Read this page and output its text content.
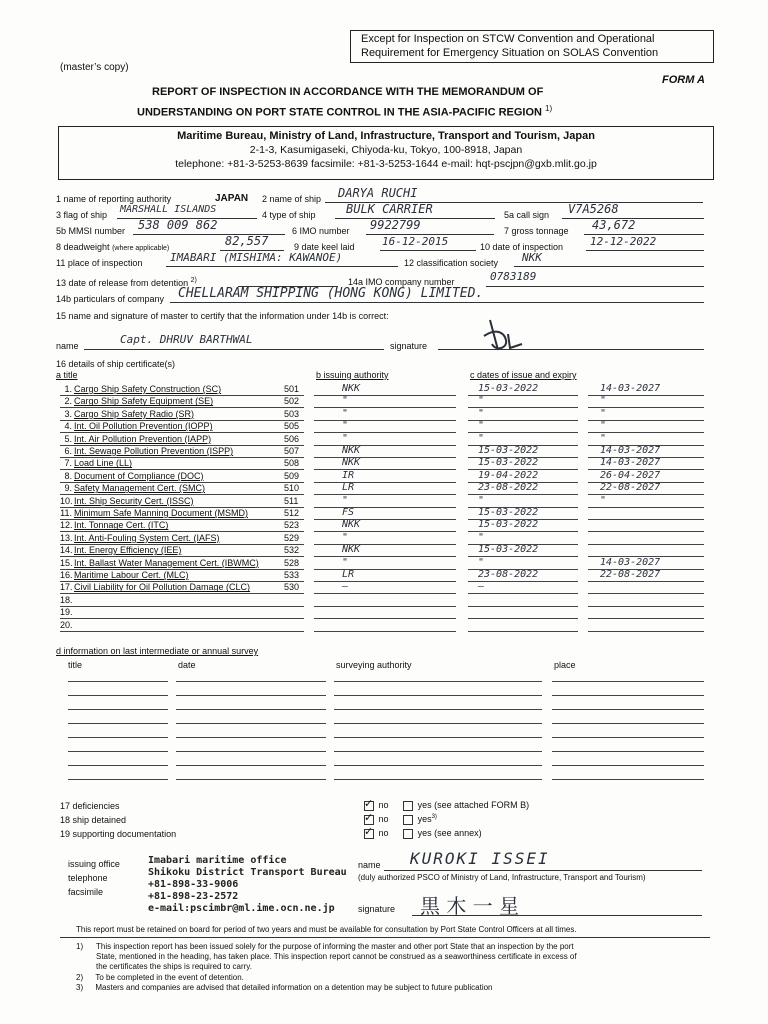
Except for Inspection on STCW Convention and Operational
Requirement for Emergency Situation on SOLAS Convention
(master’s copy)
FORM A
REPORT OF INSPECTION IN ACCORDANCE WITH THE MEMORANDUM OF
UNDERSTANDING ON PORT STATE CONTROL IN THE ASIA-PACIFIC REGION $^{1)}$
Maritime Bureau, Ministry of Land, Infrastructure, Transport and Tourism, Japan
2-1-3, Kasumigaseki, Chiyoda-ku, Tokyo, 100-8918, Japan
telephone: +81-3-5253-8639 facsimile: +81-3-5253-1644 e-mail: hqt-pscjpn@gxb.mlit.go.jp
1 name of reporting authority	JAPAN 2 name of ship DARYA RUCHI
3 flag of ship MARSHALL ISLANDS	4 type of ship	BULK CARRIER	5a call sign V7A5268
5b MMSI number 538 009 862	6 IMO number 9922799	7 gross tonnage 43,672
8 deadweight (where applicable)
82,557	9 date keel laid 16-12-2015	10 date of inspection 12-12-2022
11 place of inspection	IMABARI (MISHIMA: KAWANOE)	12 classification society NKK
13 date of release from detention $^{2)}$	14a IMO company number	0783189
14b particulars of company CHELLARAM SHIPPING (HONG KONG) LIMITED.
15 name and signature of master to certify that the information under 14b is correct:
name	Capt. DHRUV BARTHWAL	signature
16 details of ship certificate(s)
a title	b issuing authority	c dates of issue and expiry
1. Cargo Ship Safety Construction (SC)	501	NKK	15-03-2022	14-03-2027
2. Cargo Ship Safety Equipment (SE)	502	"	"	"
3. Cargo Ship Safety Radio (SR)	503	"	"	"
4. Int. Oil Pollution Prevention (IOPP)	505	"	"	"
5. Int. Air Pollution Prevention (IAPP)	506	"	"	"
6. Int. Sewage Pollution Prevention (ISPP)	507	NKK	15-03-2022	14-03-2027
7. Load Line (LL)	508	NKK	15-03-2022	14-03-2027
8. Document of Compliance (DOC)	509	IR	19-04-2022	26-04-2027
9. Safety Management Cert. (SMC)	510	LR	23-08-2022	22-08-2027
10. Int. Ship Security Cert. (ISSC)	511	"	"	"
11. Minimum Safe Manning Document (MSMD)	512	FS	15-03-2022
12. Int. Tonnage Cert. (ITC)	523	NKK	15-03-2022
13. Int. Anti-Fouling System Cert. (IAFS)	529	"	"
14. Int. Energy Efficiency (IEE)	532	NKK	15-03-2022
15. Int. Ballast Water Management Cert. (IBWMC)	528	"	"	14-03-2027
16. Maritime Labour Cert. (MLC)	533	LR	23-08-2022	22-08-2027
17. Civil Liability for Oil Pollution Damage (CLC)	530	—	—
18.
19.
20.
d information on last intermediate or annual survey
title	date	surveying authority	place
17 deficiencies
18 ship detained
19 supporting documentation
✓ no	yes (see attached FORM B)
✓ no	yes$^{3)}$
✓ no	yes (see annex)
issuing office
telephone
facsimile
Imabari maritime office
Shikoku District Transport Bureau
+81-898-33-9006
+81-898-23-2572
e-mail:pscimbr@ml.ime.ocn.ne.jp
name KUROKI ISSEI
(duly authorized PSCO of Ministry of Land, Infrastructure, Transport and Tourism)
signature 黒 木 一 星
This report must be retained on board for period of two years and must be available for consultation by Port State Control Officers at all times.
1)	This inspection report has been issued solely for the purpose of informing the master and other port State that an inspection by the port
State, mentioned in the heading, has taken place. This inspection report cannot be construed as a seaworthiness certificate in excess of
the certificates the ships is required to carry.
2) To be completed in the event of detention.
3) Masters and companies are advised that detailed information on a detention may be subject to future publication
